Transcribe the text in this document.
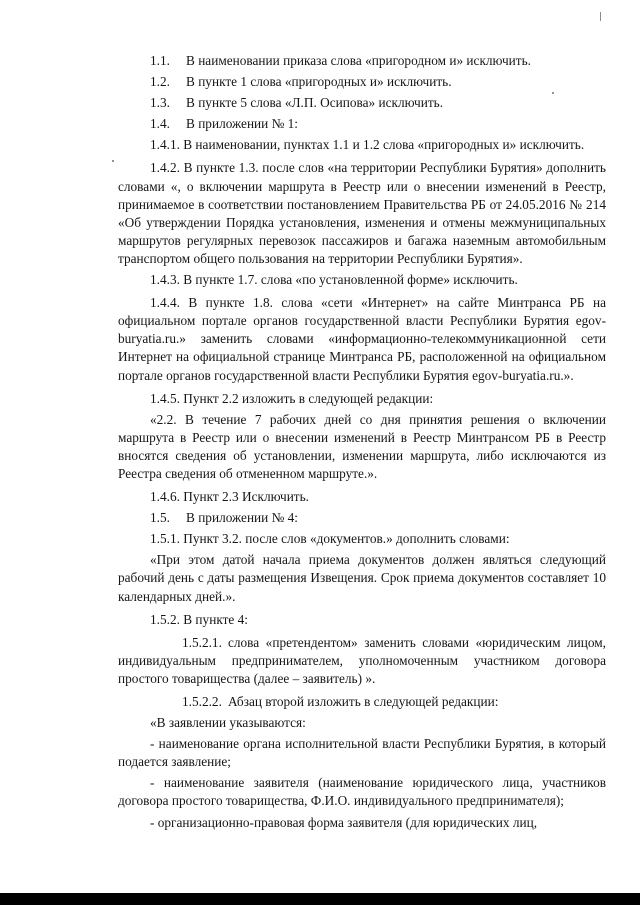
1.1.	В наименовании приказа слова «пригородном и» исключить.
1.2.	В пункте 1 слова «пригородных и» исключить.
1.3.	В пункте 5 слова «Л.П. Осипова» исключить.
1.4.	В приложении № 1:

1.4.1. В наименовании, пунктах 1.1 и 1.2 слова «пригородных и» исключить.

1.4.2. В пункте 1.3. после слов «на территории Республики Бурятия» дополнить словами «, о включении маршрута в Реестр или о внесении изменений в Реестр, принимаемое в соответствии постановлением Правительства РБ от 24.05.2016 № 214 «Об утверждении Порядка установления, изменения и отмены межмуниципальных маршрутов регулярных перевозок пассажиров и багажа наземным автомобильным транспортом общего пользования на территории Республики Бурятия».

1.4.3. В пункте 1.7. слова «по установленной форме» исключить.

1.4.4. В пункте 1.8. слова «сети «Интернет» на сайте Минтранса РБ на официальном портале органов государственной власти Республики Бурятия egov-buryatia.ru.» заменить словами «информационно-телекоммуникационной сети Интернет на официальной странице Минтранса РБ, расположенной на официальном портале органов государственной власти Республики Бурятия egov-buryatia.ru.».

1.4.5. Пункт 2.2 изложить в следующей редакции:

«2.2. В течение 7 рабочих дней со дня принятия решения о включении маршрута в Реестр или о внесении изменений в Реестр Минтрансом РБ в Реестр вносятся сведения об установлении, изменении маршрута, либо исключаются из Реестра сведения об отмененном маршруте.».

1.4.6. Пункт 2.3 Исключить.

1.5.	В приложении № 4:

1.5.1. Пункт 3.2. после слов «документов.» дополнить словами:

«При этом датой начала приема документов должен являться следующий рабочий день с даты размещения Извещения. Срок приема документов составляет 10 календарных дней.».

1.5.2. В пункте 4:

1.5.2.1. слова «претендентом» заменить словами «юридическим лицом, индивидуальным предпринимателем, уполномоченным участником договора простого товарищества (далее – заявитель) ».

1.5.2.2. Абзац второй изложить в следующей редакции:

«В заявлении указываются:

- наименование органа исполнительной власти Республики Бурятия, в который подается заявление;

- наименование заявителя (наименование юридического лица, участников договора простого товарищества, Ф.И.О. индивидуального предпринимателя);

- организационно-правовая форма заявителя (для юридических лиц,
